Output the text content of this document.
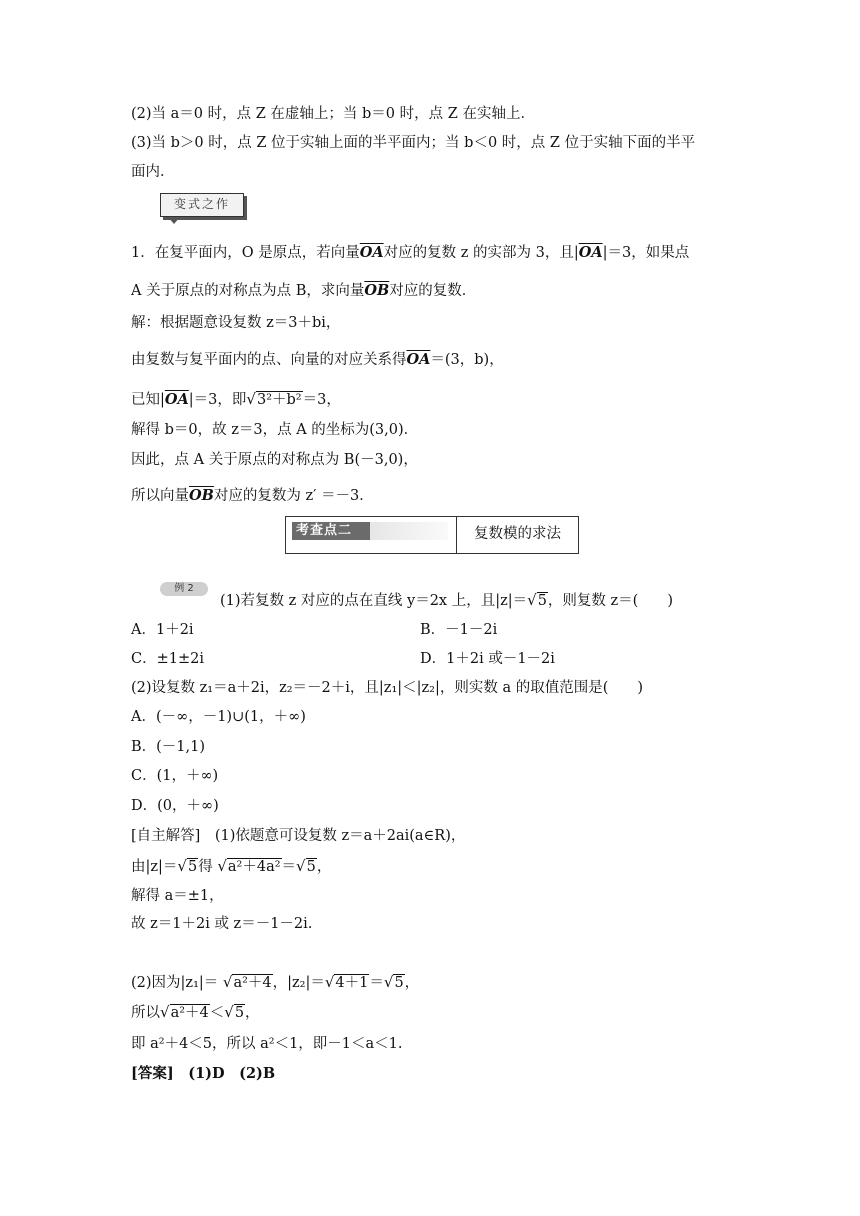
(2)当 a＝0 时，点 Z 在虚轴上；当 b＝0 时，点 Z 在实轴上．
(3)当 b＞0 时，点 Z 位于实轴上面的半平面内；当 b＜0 时，点 Z 位于实轴下面的半平
面内．
变式之作
1．在复平面内，O 是原点，若向量$\overline{OA}$对应的复数 z 的实部为 3，且$|\overline{OA}|=3$，如果点
A 关于原点的对称点为点 B，求向量$\overline{OB}$对应的复数．
解：根据题意设复数 z＝3＋bi，
由复数与复平面内的点、向量的对应关系得$\overline{OA}=(3$，b)，
已知$|\overline{OA}|=3$，即√3²＋b²＝3，
解得 b＝0，故 z＝3，点 A 的坐标为(3,0)．
因此，点 A 关于原点的对称点为 B(－3,0)，
所以向量$\overline{OB}$对应的复数为 z′ ＝－3．
考查点二	复数模的求法
例 2
(1)若复数 z 对应的点在直线 y＝2x 上，且|z|＝√5，则复数 z＝(　　)
A．1＋2i	B．－1－2i
C．±1±2i	D．1＋2i 或－1－2i
(2)设复数 z₁＝a＋2i，z₂＝－2＋i，且|z₁|＜|z₂|，则实数 a 的取值范围是(　　)
A．(－∞，－1)∪(1，＋∞)
B．(－1,1)
C．(1，＋∞)
D．(0，＋∞)
[自主解答]　(1)依题意可设复数 z＝a＋2ai(a∈R)，
由|z|＝√5得 √a²＋4a²＝√5，
解得 a＝±1，
故 z＝1＋2i 或 z＝－1－2i.
(2)因为|z₁|＝ √a²＋4，|z₂|＝√4＋1＝√5，
所以√a²＋4＜√5，
即 a²＋4＜5，所以 a²＜1，即－1＜a＜1.
[答案]　(1)D　(2)B
